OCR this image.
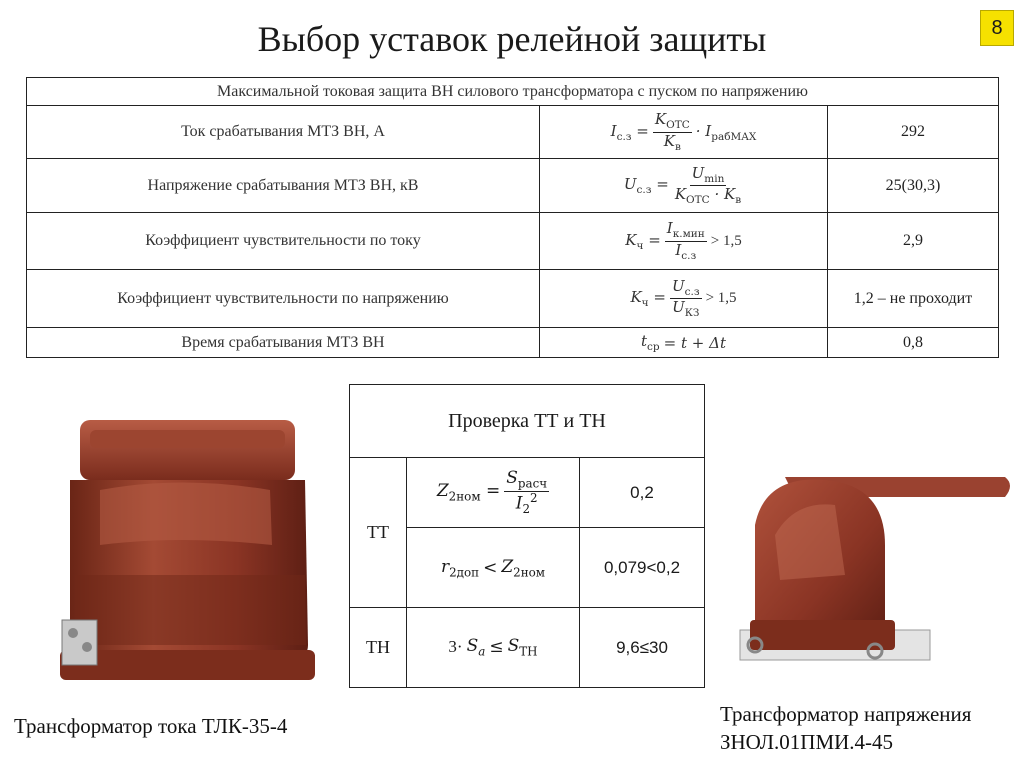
Выбор уставок релейной защиты	8
Максимальной токовая защита ВН силового трансформатора с пуском по напряжению		
Ток срабатывания МТЗ ВН, А	$I_{с.з} = \frac{K_{ОТС}}{K_в} \cdot I_{рабMAX}$	292
Напряжение срабатывания МТЗ ВН, кВ	$U_{с.з} = \frac{U_{min}}{K_{ОТС} \cdot K_в}$	25(30,3)
Коэффициент чувствительности по току	$K_ч = \frac{I_{к.мин}}{I_{с.з}} > 1,5$	2,9
Коэффициент чувствительности по напряжению	$K_ч = \frac{U_{с.з}}{U_{КЗ}} > 1,5$	1,2 – не проходит
Время срабатывания МТЗ ВН	$t_{ср} = t + \Delta t$	0,8
Проверка ТТ и ТН		
ТТ	$Z_{2ном} = \frac{S_{расч}}{I_2^2}$	0,2

	$r_{2доп} < Z_{2ном}$	0,079<0,2
ТН	$3\cdot S_a \le S_{ТН}$	9,6≤30
Трансформатор тока ТЛК-35-4	Трансформатор напряжения
ЗНОЛ.01ПМИ.4-45
